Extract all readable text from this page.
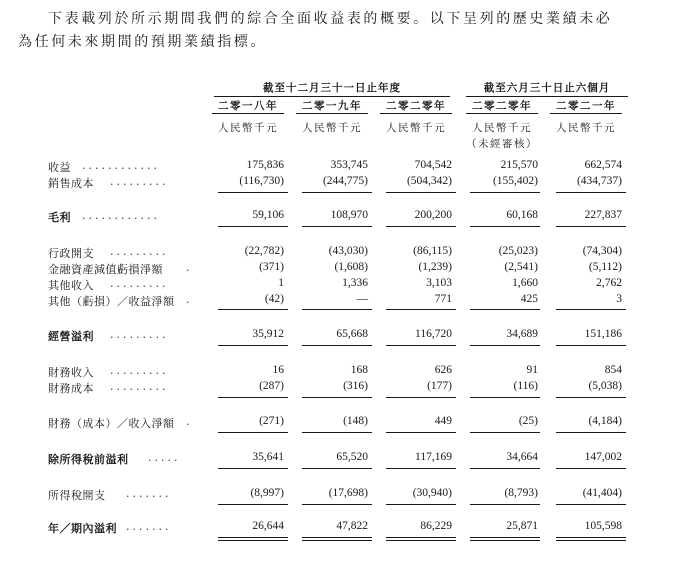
下表載列於所示期間我們的綜合全面收益表的概要。以下呈列的歷史業績未必

為任何未來期間的預期業績指標。

截至十二月三十一日止年度	截至六月三十日止六個月
二零一八年	二零一九年	二零二零年	二零二零年	二零二一年
人民幣千元	人民幣千元	人民幣千元	人民幣千元	人民幣千元
（未經審核）
收益 ............	175,836	353,745	704,542	215,570	662,574
銷售成本 .........	(116,730)	(244,775)	(504,342)	(155,402)	(434,737)
毛利 ............	59,106	108,970	200,200	60,168	227,837
行政開支 .........	(22,782)	(43,030)	(86,115)	(25,023)	(74,304)
金融資產減值虧損淨額 .	(371)	(1,608)	(1,239)	(2,541)	(5,112)
其他收入 .........	1	1,336	3,103	1,660	2,762
其他（虧損）／收益淨額 .	(42)	—	771	425	3
經營溢利 .........	35,912	65,668	116,720	34,689	151,186
財務收入 .........	16	168	626	91	854
財務成本 .........	(287)	(316)	(177)	(116)	(5,038)
財務（成本）／收入淨額 .	(271)	(148)	449	(25)	(4,184)
除所得稅前溢利 .....	35,641	65,520	117,169	34,664	147,002
所得稅開支 .......	(8,997)	(17,698)	(30,940)	(8,793)	(41,404)
年／期內溢利 .......	26,644	47,822	86,229	25,871	105,598
